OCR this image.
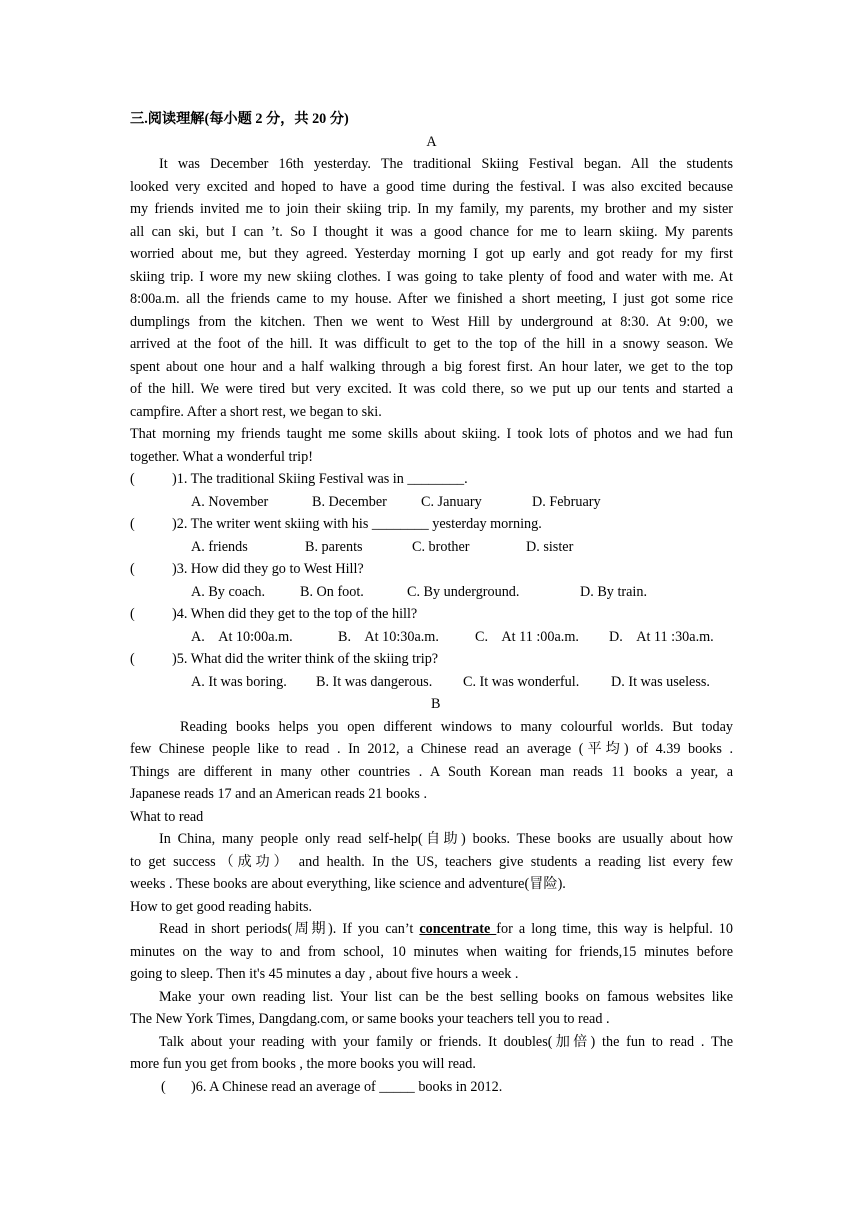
三.阅读理解(每小题 2 分，共 20 分)
A
It was December 16th yesterday. The traditional Skiing Festival began. All the students
looked very excited and hoped to have a good time during the festival. I was also excited because
my friends invited me to join their skiing trip. In my family, my parents, my brother and my sister
all can ski, but I can ’t. So I thought it was a good chance for me to learn skiing. My parents
worried about me, but they agreed. Yesterday morning I got up early and got ready for my first
skiing trip. I wore my new skiing clothes. I was going to take plenty of food and water with me. At
8:00a.m. all the friends came to my house. After we finished a short meeting, I just got some rice
dumplings from the kitchen. Then we went to West Hill by underground at 8:30. At 9:00, we
arrived at the foot of the hill. It was difficult to get to the top of the hill in a snowy season. We
spent about one hour and a half walking through a big forest first. An hour later, we get to the top
of the hill. We were tired but very excited. It was cold there, so we put up our tents and started a
campfire. After a short rest, we began to ski.
That morning my friends taught me some skills about skiing. I took lots of photos and we had fun
together. What a wonderful trip!
(	)1. The traditional Skiing Festival was in ________.
A. November	B. December C. January	D. February
(	)2. The writer went skiing with his ________ yesterday morning.
A. friends	B. parents	C. brother	D. sister
(	)3. How did they go to West Hill?
A. By coach. B. On foot.	C. By underground.	D. By train.
(	)4. When did they get to the top of the hill?
A.    At 10:00a.m.	B.    At 10:30a.m.	C.    At 11 :00a.m. D.    At 11 :30a.m.
(	)5. What did the writer think of the skiing trip?
A. It was boring. B. It was dangerous. C. It was wonderful. D. It was useless.
B
Reading books helps you open different windows to many colourful worlds. But today
few Chinese people like to read . In 2012, a Chinese read an average (平均) of 4.39 books .
Things are different in many other countries . A South Korean man reads 11 books a year, a
Japanese reads 17 and an American reads 21 books .
What to read
In China, many people only read self-help(自助) books. These books are usually about how
to get success（成功） and health. In the US, teachers give students a reading list every few
weeks . These books are about everything, like science and adventure(冒险).
How to get good reading habits.
Read in short periods(周期). If you can’t concentrate for a long time, this way is helpful. 10
minutes on the way to and from school, 10 minutes when waiting for friends,15 minutes before
going to sleep. Then it's 45 minutes a day , about five hours a week .
Make your own reading list. Your list can be the best selling books on famous websites like
The New York Times, Dangdang.com, or same books your teachers tell you to read .
Talk about your reading with your family or friends. It doubles(加倍) the fun to read . The
more fun you get from books , the more books you will read.
( )6. A Chinese read an average of _____ books in 2012.
